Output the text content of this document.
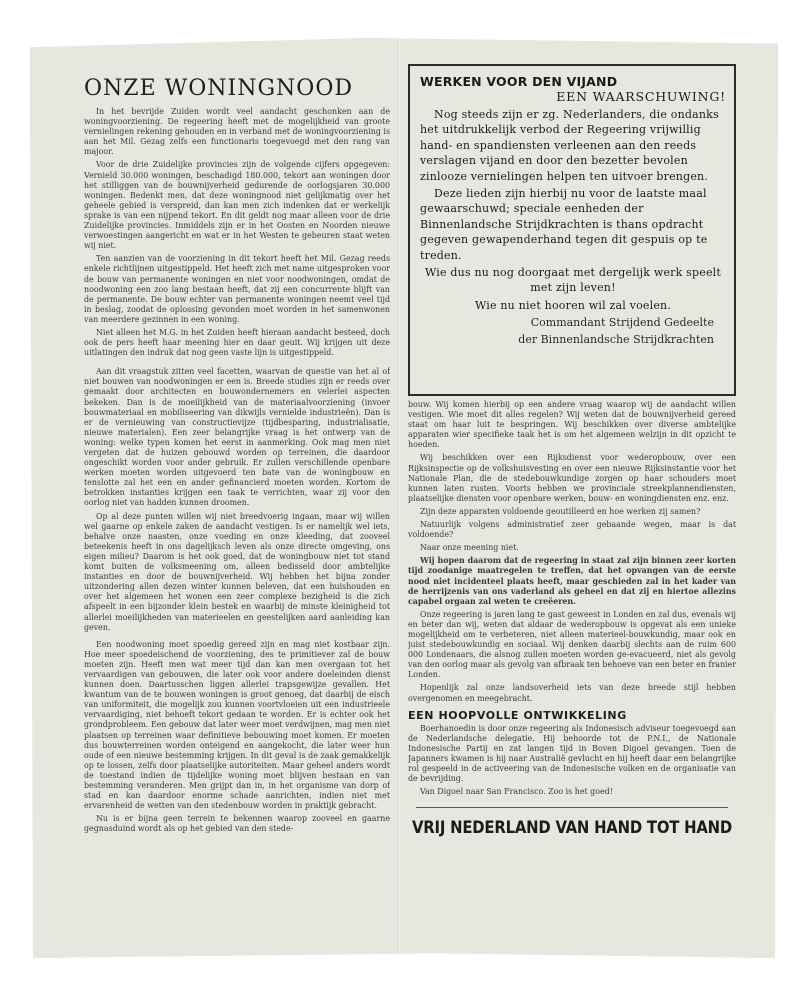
ONZE WONINGNOOD

In het bevrijde Zuiden wordt veel aandacht geschonken aan de woningvoorziening. De regeering heeft met de mogelijkheid van groote vernielingen rekening gehouden en in verband met de woningvoorziening is aan het Mil. Gezag zelfs een functionaris toegevoegd met den rang van majoor.

Voor de drie Zuidelijke provincies zijn de volgende cijfers opgegeven: Vernield 30.000 woningen, beschadigd 180.000, tekort aan woningen door het stilliggen van de bouwnijverheid gedurende de oorlogsjaren 30.000 woningen. Bedenkt men, dat deze woningnood niet gelijkmatig over het geheele gebied is verspreid, dan kan men zich indenken dat er werkelijk sprake is van een nijpend tekort. En dit geldt nog maar alleen voor de drie Zuidelijke provincies. Inmiddels zijn er in het Oosten en Noorden nieuwe verwoestingen aangericht en wat er in het Westen te gebeuren staat weten wij niet.

Ten aanzien van de voorziening in dit tekort heeft het Mil. Gezag reeds enkele richtlijnen uitgestippeld. Het heeft zich met name uitgesproken voor de bouw van permanente woningen en niet voor noodwoningen, omdat de noodwoning een zoo lang bestaan heeft, dat zij een concurrente blijft van de permanente. De bouw echter van permanente woningen neemt veel tijd in beslag, zoodat de oplossing gevonden moet worden in het samenwonen van meerdere gezinnen in een woning.

Niet alleen het M.G. in het Zuiden heeft hieraan aandacht besteed, doch ook de pers heeft haar meening hier en daar geuit. Wij krijgen uit deze uitlatingen den indruk dat nog geen vaste lijn is uitgestippeld.

Aan dit vraagstuk zitten veel facetten, waarvan de questie van het al of niet bouwen van noodwoningen er een is. Breede studies zijn er reeds over gemaakt door architecten en bouwondernemers en velerlei aspecten bekeken. Dan is de moeilijkheid van de materiaalvoorziening (invoer bouwmateriaal en mobiliseering van dikwijls vernielde industrieën). Dan is er de vernieuwing van constructievijze (tijdbesparing, industrialisatie, nieuwe materialen). Een zeer belangrijke vraag is het ontwerp van de woning: welke typen komen het eerst in aanmerking. Ook mag men niet vergeten dat de huizen gebouwd worden op terreinen, die daardoor ongeschikt worden voor ander gebruik. Er zullen verschillende openbare werken moeten worden uitgevoerd ten bate van de woningbouw en tenslotte zal het een en ander gefinancierd moeten worden. Kortom de betrokken instanties krijgen een taak te verrichten, waar zij voor den oorlog niet van hadden kunnen droomen.

Op al deze punten willen wij niet breedvoerig ingaan, maar wij willen wel gaarne op enkele zaken de aandacht vestigen. Is er namelijk wel iets, behalve onze naasten, onze voeding en onze kleeding, dat zooveel beteekenis heeft in ons dagelijksch leven als onze directe omgeving, ons eigen milieu? Daarom is het ook goed, dat de woningbouw niet tot stand komt buiten de volksmeening om, alleen bedisseld door ambtelijke instanties en door de bouwnijverheid. Wij hebben het bijna zonder uitzondering allen dezen winter kunnen beleven, dat een huishouden en over het algemeen het wonen een zeer complexe bezigheid is die zich afspeelt in een bijzonder klein bestek en waarbij de minste kleinigheid tot allerlei moeilijkheden van materieelen en geestelijken aard aanleiding kan geven.

Een noodwoning moet spoedig gereed zijn en mag niet kostbaar zijn. Hoe meer spoedeischend de voorziening, des te primitiever zal de bouw moeten zijn. Heeft men wat meer tijd dan kan men overgaan tot het vervaardigen van gebouwen, die later ook voor andere doeleinden dienst kunnen doen. Daartusschen liggen allerlei trapsgewijze gevallen. Het kwantum van de te bouwen woningen is groot genoeg, dat daarbij de eisch van uniformiteit, die mogelijk zou kunnen voortvloeien uit een industrieele vervaardiging, niet behoeft tekort gedaan te worden. Er is echter ook het grondprobleem. Een gebouw dat later weer moet verdwijnen, mag men niet plaatsen op terreinen waar definitieve bebouwing moet komen. Er moeten dus bouwterreinen worden onteigend en aangekocht, die later weer hun oude of een nieuwe bestemming krijgen. In dit geval is de zaak gemakkelijk op te lossen, zelfs door plaatselijke autoriteiten. Maar geheel anders wordt de toestand indien de tijdelijke woning moet blijven bestaan en van bestemming veranderen. Men grijpt dan in, in het organisme van dorp of stad en kan daardoor enorme schade aanrichten, indien niet met ervarenheid de wetten van den stedenbouw worden in praktijk gebracht.

Nu is er bijna geen terrein te bekennen waarop zooveel en gaarne gegnasduind wordt als op het gebied van den stede-

WERKEN VOOR DEN VIJAND
EEN WAARSCHUWING!

Nog steeds zijn er zg. Nederlanders, die ondanks het uitdrukkelijk verbod der Regeering vrijwillig hand- en spandiensten verleenen aan den reeds verslagen vijand en door den bezetter bevolen zinlooze vernielingen helpen ten uitvoer brengen.

Deze lieden zijn hierbij nu voor de laatste maal gewaarschuwd; speciale eenheden der Binnenlandsche Strijdkrachten is thans opdracht gegeven gewapenderhand tegen dit gespuis op te treden.

Wie dus nu nog doorgaat met dergelijk werk speelt met zijn leven!

Wie nu niet hooren wil zal voelen.

Commandant Strijdend Gedeelte
der Binnenlandsche Strijdkrachten

bouw. Wij komen hierbij op een andere vraag waarop wij de aandacht willen vestigen. Wie moet dit alles regelen? Wij weten dat de bouwnijverheid gereed staat om haar luit te bespringen. Wij beschikken over diverse ambtelijke apparaten wier specifieke taak het is om het algemeen welzijn in dit opzicht te hoeden.

Wij beschikken over een Rijksdienst voor wederopbouw, over een Rijksinspectie op de volkshuisvesting en over een nieuwe Rijksinstantie voor het Nationale Plan, die de stedebouwkundige zorgen op haar schouders moet kunnen laten rusten. Voorts hebben we provinciale streekplannendiensten, plaatselijke diensten voor openbare werken, bouw- en woningdiensten enz. enz.

Zijn deze apparaten voldoende geoutilleerd en hoe werken zij samen?

Natuurlijk volgens administratief zeer gebaande wegen, maar is dat voldoende?

Naar onze meening niet.

Wij hopen daarom dat de regeering in staat zal zijn binnen zeer korten tijd zoodanige maatregelen te treffen, dat het opvangen van de eerste nood niet incidenteel plaats heeft, maar geschieden zal in het kader van de herrijzenis van ons vaderland als geheel en dat zij en hiertoe allezins capabel orgaan zal weten te creëeren.

Onze regeering is jaren lang te gast geweest in Londen en zal dus, evenals wij en beter dan wij, weten dat aldaar de wederopbouw is opgevat als een unieke mogelijkheid om te verbeteren, niet alleen materieel-bouwkundig, maar ook en juist stedebouwkundig en sociaal. Wij denken daarbij slechts aan de ruim 600 000 Londenaars, die alsnog zullen moeten worden ge-evacueerd, niet als gevolg van den oorlog maar als gevolg van afbraak ten behoeve van een beter en franier Londen.

Hopenlijk zal onze landsoverheid iets van deze breede stijl hebben overgenomen en meegebracht.

EEN HOOPVOLLE ONTWIKKELING

Boerhanoedin is door onze regeering als Indonesisch adviseur toegevoegd aan de Nederlandsche delegatie. Hij behoorde tot de P.N.I., de Nationale Indonesische Partij en zat langen tijd in Boven Digoel gevangen. Toen de Japanners kwamen is hij naar Australië gevlucht en hij heeft daar een belangrijke rol gespeeld in de activeering van de Indonesische volken en de organisatie van de bevrijding.

Van Digoel naar San Francisco. Zoo is het goed!

VRIJ NEDERLAND VAN HAND TOT HAND
